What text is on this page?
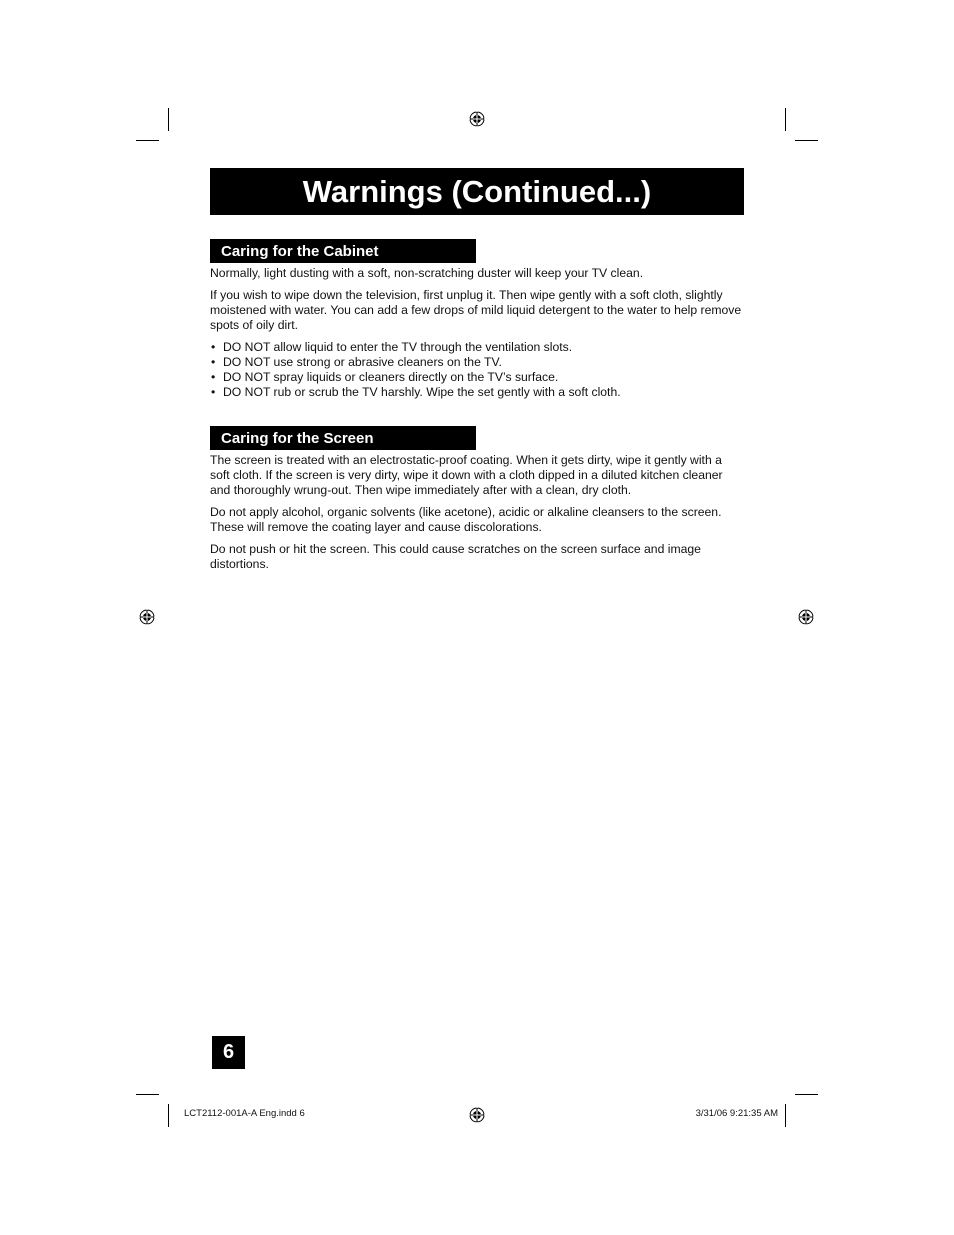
Warnings (Continued...)
Caring for the Cabinet

Normally, light dusting with a soft, non-scratching duster will keep your TV clean.

If you wish to wipe down the television, first unplug it. Then wipe gently with a soft cloth, slightly moistened with water. You can add a few drops of mild liquid detergent to the water to help remove spots of oily dirt.

• DO NOT allow liquid to enter the TV through the ventilation slots.
• DO NOT use strong or abrasive cleaners on the TV.
• DO NOT spray liquids or cleaners directly on the TV’s surface.
• DO NOT rub or scrub the TV harshly. Wipe the set gently with a soft cloth.
Caring for the Screen

The screen is treated with an electrostatic-proof coating. When it gets dirty, wipe it gently with a soft cloth. If the screen is very dirty, wipe it down with a cloth dipped in a diluted kitchen cleaner and thoroughly wrung-out. Then wipe immediately after with a clean, dry cloth.

Do not apply alcohol, organic solvents (like acetone), acidic or alkaline cleansers to the screen. These will remove the coating layer and cause discolorations.

Do not push or hit the screen. This could cause scratches on the screen surface and image distortions.

6
LCT2112-001A-A Eng.indd 6	3/31/06 9:21:35 AM
